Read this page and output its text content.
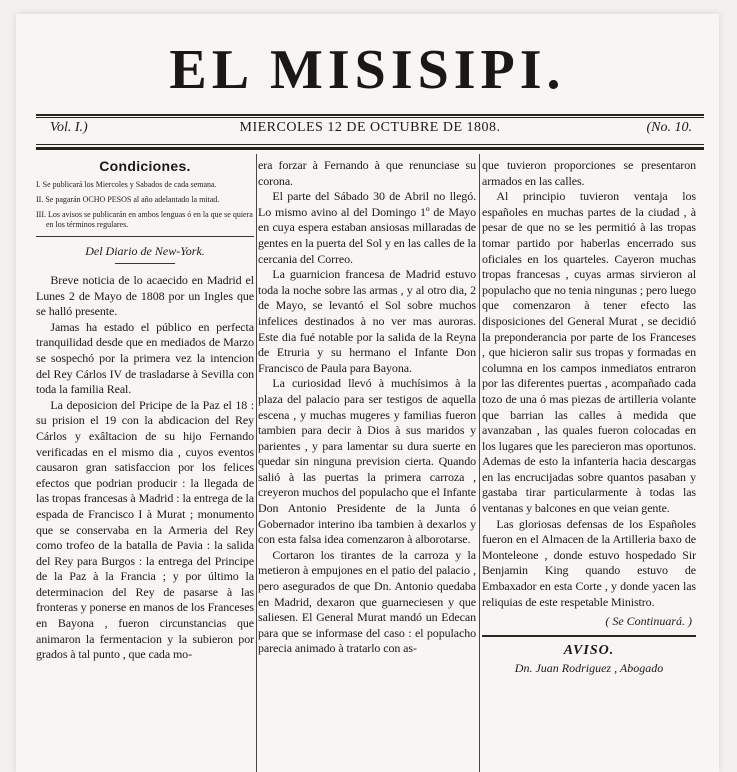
EL MISISIPI.
Vol. I.)	MIERCOLES 12 DE OCTUBRE DE 1808.	(No. 10.
Condiciones.
I. Se publicará los Miercoles y Sabados de cada semana.
II. Se pagarán OCHO PESOS al año adelantado la mitad.
III. Los avisos se publicarán en ambos lenguas ó en la que se quiera en los términos regulares.
Del Diario de New-York.

Breve noticia de lo acaecido en Madrid el Lunes 2 de Mayo de 1808 por un Ingles que se halló presente.

Jamas ha estado el público en perfecta tranquilidad desde que en mediados de Marzo se sospechó por la primera vez la intencion del Rey Cárlos IV de trasladarse à Sevilla con toda la familia Real.

La deposicion del Pricipe de la Paz el 18 : su prision el 19 con la abdicacion del Rey Cárlos y exâltacion de su hijo Fernando verificadas en el mismo dia , cuyos eventos causaron gran satisfaccion por los felices efectos que podrian producir : la llegada de las tropas francesas à Madrid : la entrega de la espada de Francisco I à Murat ; monumento que se conservaba en la Armeria del Rey como trofeo de la batalla de Pavia : la salida del Rey para Burgos : la entrega del Principe de la Paz à la Francia ; y por último la determinacion del Rey de pasarse à las fronteras y ponerse en manos de los Franceses en Bayona , fueron circunstancias que animaron la fermentacion y la subieron por grados à tal punto , que cada mo-

era forzar à Fernando à que renunciase su corona.

El parte del Sábado 30 de Abril no llegó. Lo mismo avino al del Domingo 1º de Mayo en cuya espera estaban ansiosas millaradas de gentes en la puerta del Sol y en las calles de la cercania del Correo.

La guarnicion francesa de Madrid estuvo toda la noche sobre las armas , y al otro dia, 2 de Mayo, se levantó el Sol sobre muchos infelices destinados à no ver mas auroras. Este dia fué notable por la salida de la Reyna de Etruria y su hermano el Infante Don Francisco de Paula para Bayona.

La curiosidad llevó à muchísimos à la plaza del palacio para ser testigos de aquella escena , y muchas mugeres y familias fueron tambien para decir à Dios à sus maridos y parientes , y para lamentar su dura suerte en quedar sin ninguna prevision cierta. Quando salió à las puertas la primera carroza , creyeron muchos del populacho que el Infante Don Antonio Presidente de la Junta ó Gobernador interino iba tambien à dexarlos y con esta falsa idea comenzaron à alborotarse.

Cortaron los tirantes de la carroza y la metieron à empujones en el patio del palacio , pero asegurados de que Dn. Antonio quedaba en Madrid, dexaron que guarneciesen y que saliesen. El General Murat mandó un Edecan para que se informase del caso : el populacho parecia animado à tratarlo con as-

que tuvieron proporciones se presentaron armados en las calles.

Al principio tuvieron ventaja los españoles en muchas partes de la ciudad , à pesar de que no se les permitió à las tropas tomar partido por haberlas encerrado sus oficiales en los quarteles. Cayeron muchas tropas francesas , cuyas armas sirvieron al populacho que no tenia ningunas ; pero luego que comenzaron à tener efecto las disposiciones del General Murat , se decidió la preponderancia por parte de los Franceses , que hicieron salir sus tropas y formadas en columna en los campos inmediatos entraron por las diferentes puertas , acompañado cada tozo de una ó mas piezas de artilleria volante que barrian las calles à medida que avanzaban , las quales fueron colocadas en los lugares que les parecieron mas oportunos. Ademas de esto la infanteria hacia descargas en las encrucijadas sobre quantos pasaban y gastaba tirar particularmente à todas las ventanas y balcones en que veian gente.

Las gloriosas defensas de los Españoles fueron en el Almacen de la Artilleria baxo de Monteleone , donde estuvo hospedado Sir Benjamin King quando estuvo de Embaxador en esta Corte , y donde yacen las reliquias de este respetable Ministro.

( Se Continuará. )
AVISO.
Dn. Juan Rodriguez , Abogado
